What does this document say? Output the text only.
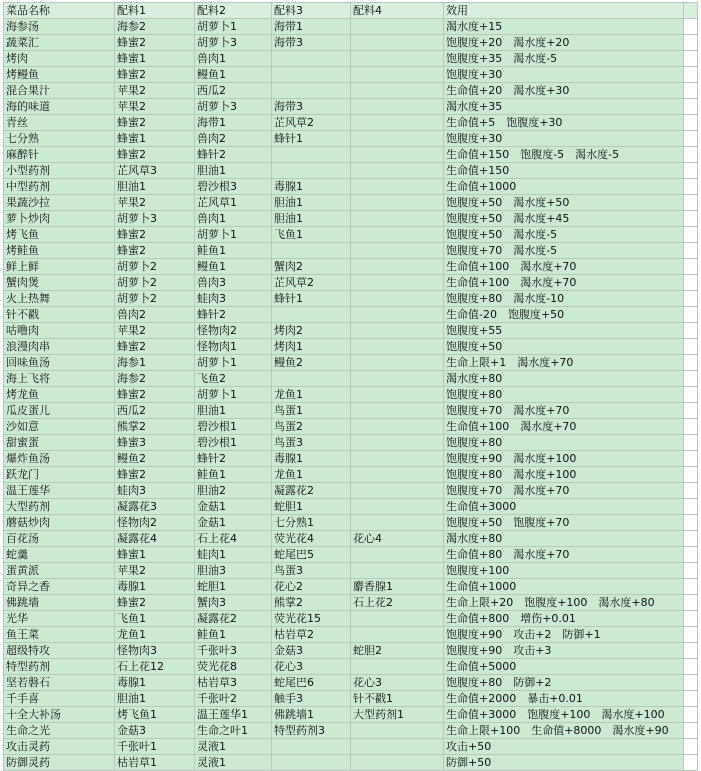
菜品名称	配料1	配料2	配料3	配料4	效用	
海参汤	海参2	胡萝卜1	海带1		渴水度+15	
蔬菜汇	蜂蜜2	胡萝卜3	海带3		饱腹度+20　渴水度+20	
烤肉	蜂蜜1	兽肉1			饱腹度+35　渴水度-5	
烤鳗鱼	蜂蜜2	鳗鱼1			饱腹度+30	
混合果汁	苹果2	西瓜2			生命值+20　渴水度+30	
海的味道	苹果2	胡萝卜3	海带3		渴水度+35	
青丝	蜂蜜2	海带1	芷风草2		生命值+5　饱腹度+30	
七分熟	蜂蜜1	兽肉2	蜂针1		饱腹度+30	
麻醉针	蜂蜜2	蜂针2			生命值+150　饱腹度-5　渴水度-5	
小型药剂	芷风草3	胆油1			生命值+150	
中型药剂	胆油1	碧沙根3	毒腺1		生命值+1000	
果蔬沙拉	苹果2	芷风草1	胆油1		饱腹度+50　渴水度+50	
萝卜炒肉	胡萝卜3	兽肉1	胆油1		饱腹度+50　渴水度+45	
烤飞鱼	蜂蜜2	胡萝卜1	飞鱼1		饱腹度+50　渴水度-5	
烤鲑鱼	蜂蜜2	鲑鱼1			饱腹度+70　渴水度-5	
鲜上鲜	胡萝卜2	鳗鱼1	蟹肉2		生命值+100　渴水度+70	
蟹肉煲	胡萝卜2	兽肉3	芷风草2		生命值+100　渴水度+70	
火上热舞	胡萝卜2	蛙肉3	蜂针1		饱腹度+80　渴水度-10	
针不戳	兽肉2	蜂针2			生命值-20　饱腹度+50	
咕噜肉	苹果2	怪物肉2	烤肉2		饱腹度+55	
浪漫肉串	蜂蜜2	怪物肉1	烤肉1		饱腹度+50	
回味鱼汤	海参1	胡萝卜1	鳗鱼2		生命上限+1　渴水度+70	
海上飞将	海参2	飞鱼2			渴水度+80	
烤龙鱼	蜂蜜2	胡萝卜1	龙鱼1		饱腹度+80	
瓜皮蛋儿	西瓜2	胆油1	鸟蛋1		饱腹度+70　渴水度+70	
沙如意	熊掌2	碧沙根1	鸟蛋2		生命值+100　渴水度+70	
甜蜜蛋	蜂蜜3	碧沙根1	鸟蛋3		饱腹度+80	
爆炸鱼汤	鳗鱼2	蜂针2	毒腺1		饱腹度+90　渴水度+100	
跃龙门	蜂蜜2	鲑鱼1	龙鱼1		饱腹度+80　渴水度+100	
温王莲华	蛙肉3	胆油2	凝露花2		饱腹度+70　渴水度+70	
大型药剂	凝露花3	金菇1	蛇胆1		生命值+3000	
蘑菇炒肉	怪物肉2	金菇1	七分熟1		饱腹度+50　饱腹度+70	
百花汤	凝露花4	石上花4	荧光花4	花心4	渴水度+80	
蛇羹	蜂蜜1	蛙肉1	蛇尾巴5		生命值+80　渴水度+70	
蛋黄派	苹果2	胆油3	鸟蛋3		饱腹度+100	
奇异之香	毒腺1	蛇胆1	花心2	麝香腺1	生命值+1000	
佛跳墙	蜂蜜2	蟹肉3	熊掌2	石上花2	生命上限+20　饱腹度+100　渴水度+80	
光华	飞鱼1	凝露花2	荧光花15		生命值+800　增伤+0.01	
鱼王菜	龙鱼1	鲑鱼1	枯岩草2		饱腹度+90　攻击+2　防御+1	
超级特攻	怪物肉3	千张叶3	金菇3	蛇胆2	饱腹度+90　攻击+3	
特型药剂	石上花12	荧光花8	花心3		生命值+5000	
坚若磐石	毒腺1	枯岩草3	蛇尾巴6	花心3	饱腹度+80　防御+2	
千手喜	胆油1	千张叶2	触手3	针不戳1	生命值+2000　暴击+0.01	
十全大补汤	烤飞鱼1	温王莲华1	佛跳墙1	大型药剂1	生命值+3000　饱腹度+100　渴水度+100	
生命之光	金菇3	生命之叶1	特型药剂3		生命上限+100　生命值+8000　渴水度+90	
攻击灵药	千张叶1	灵液1			攻击+50	
防御灵药	枯岩草1	灵液1			防御+50	
